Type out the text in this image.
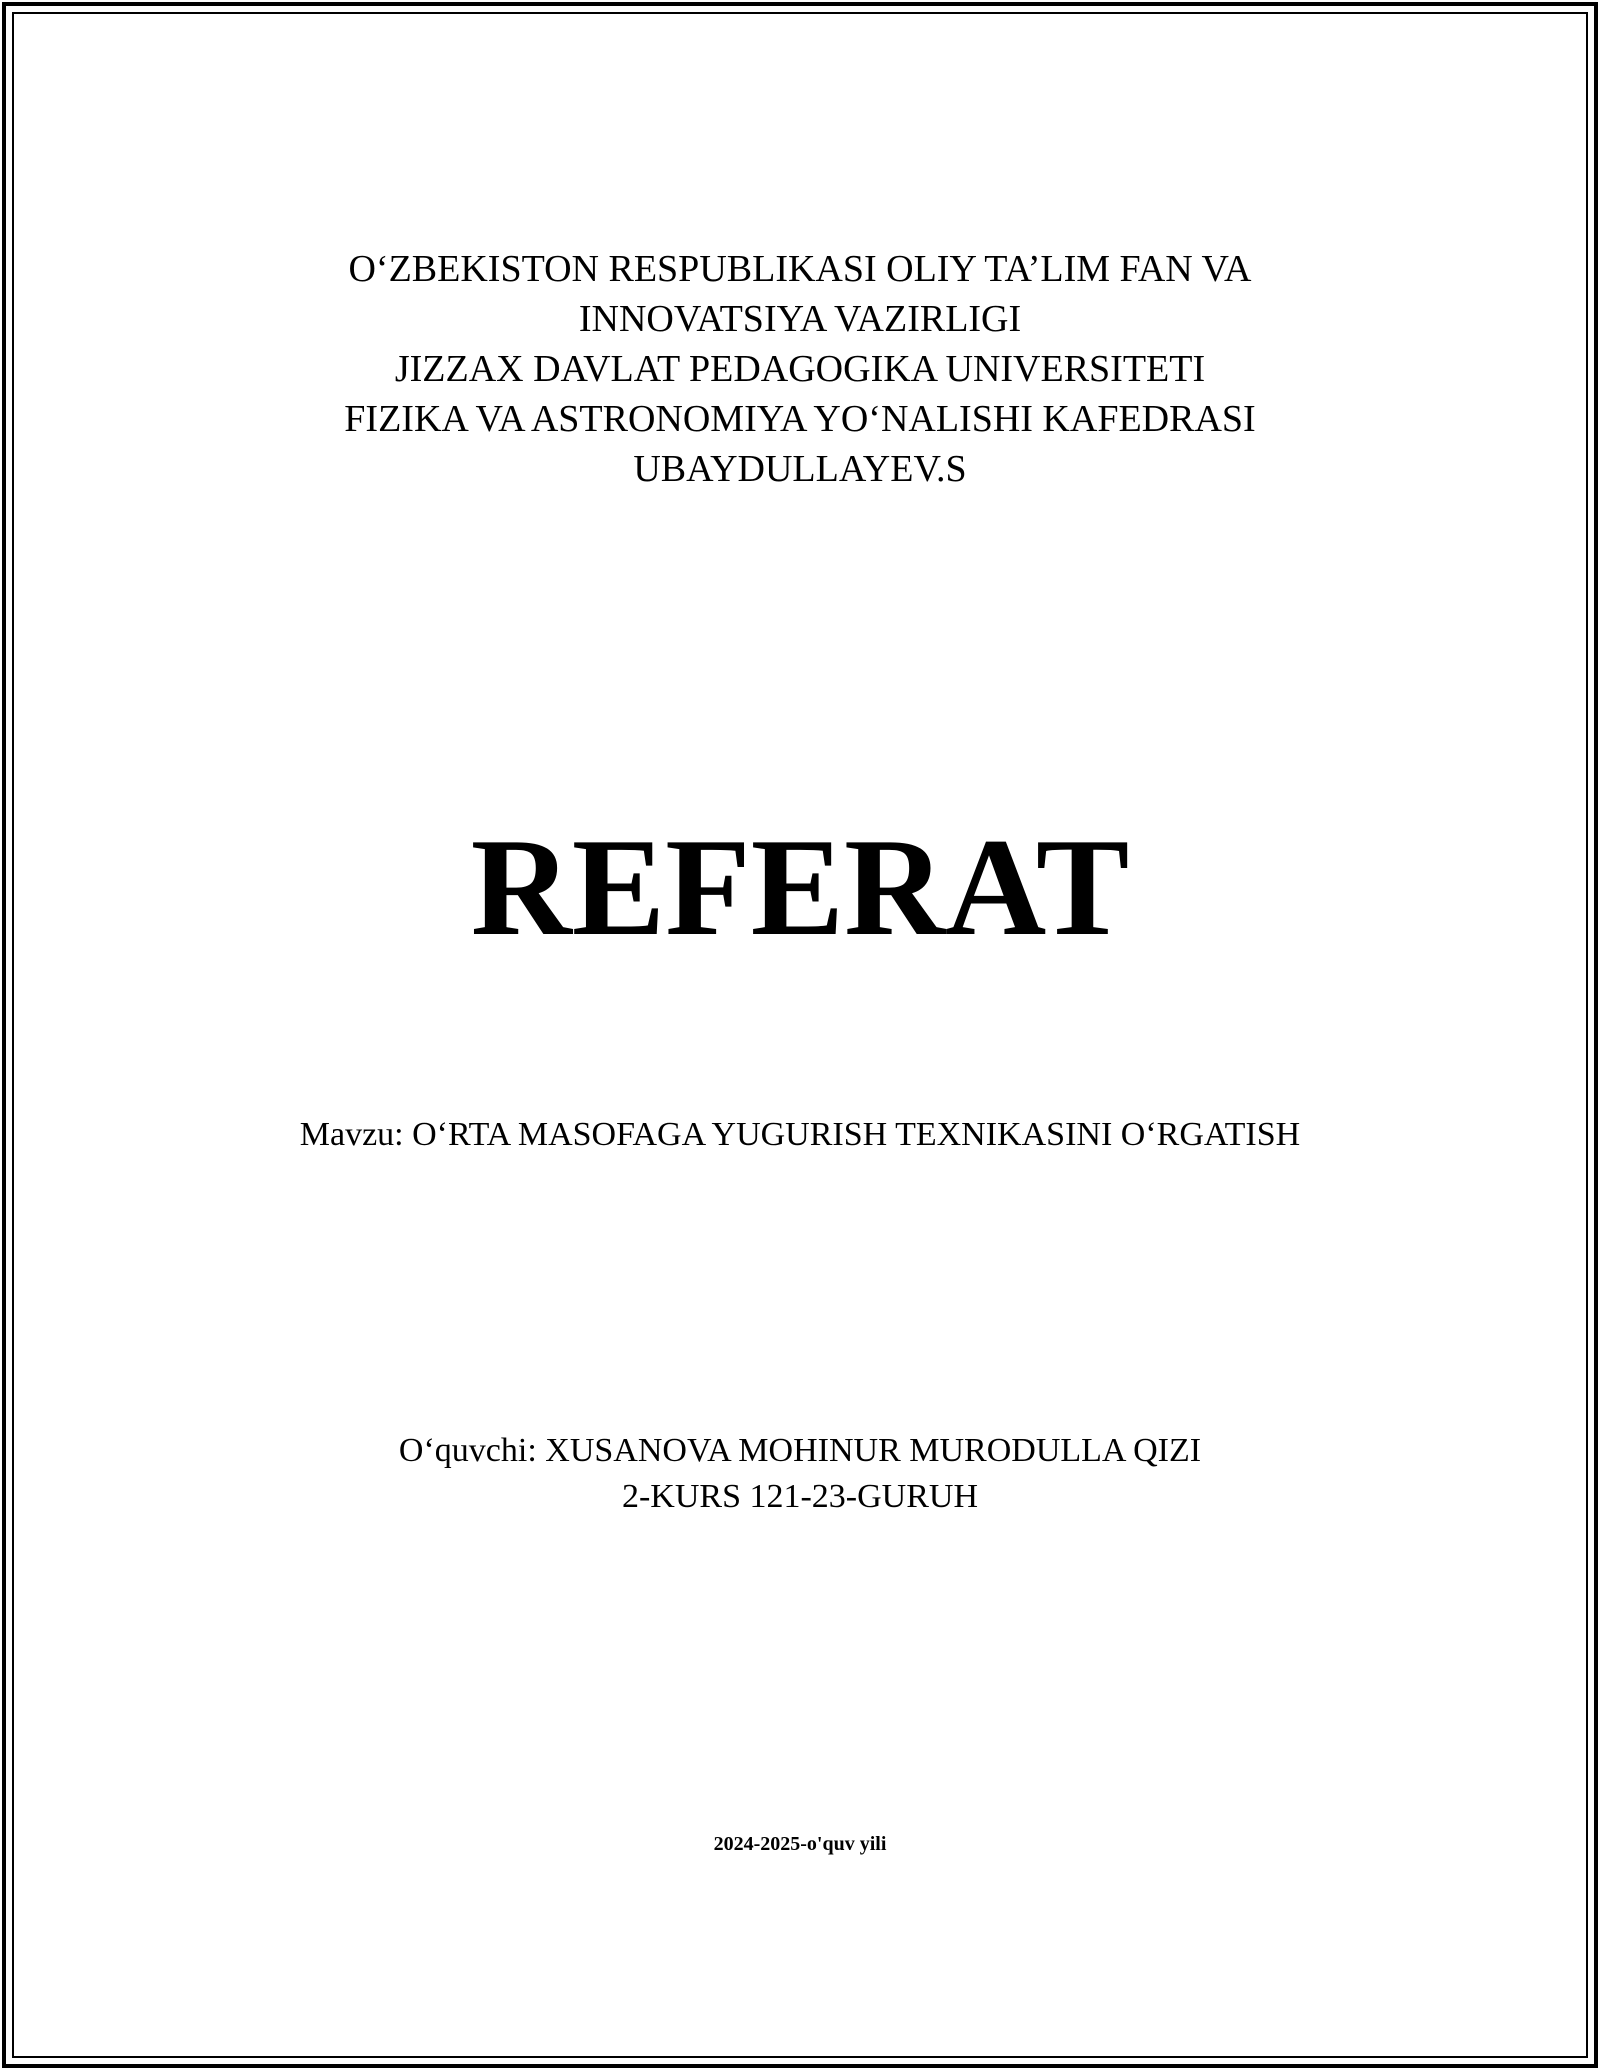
O‘ZBEKISTON RESPUBLIKASI OLIY TA’LIM FAN VA
INNOVATSIYA VAZIRLIGI
JIZZAX DAVLAT PEDAGOGIKA UNIVERSITETI
FIZIKA VA ASTRONOMIYA YO‘NALISHI KAFEDRASI
UBAYDULLAYEV.S
REFERAT
Mavzu: O‘RTA MASOFAGA YUGURISH TEXNIKASINI O‘RGATISH
O‘quvchi: XUSANOVA MOHINUR MURODULLA QIZI
2-KURS 121-23-GURUH
2024-2025-o'quv yili
